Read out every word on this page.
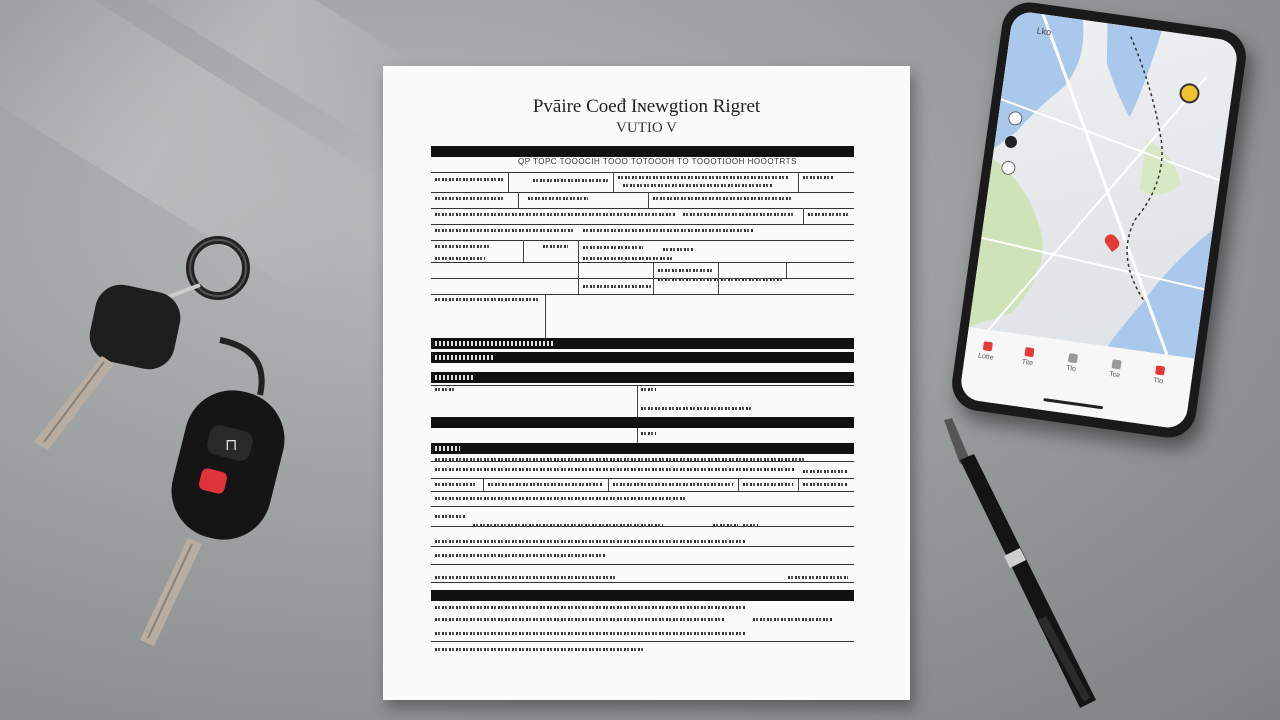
Pvāire Coeđ Iɴewgtion Rigret
VUTIO V
QP TOPC TOOOCIH TOOO TOTOOOH TO TOOOTIOOH HOOOTRTS
Lko
Lotte
Tite
Tlo
Tce
Tlo
⊓
